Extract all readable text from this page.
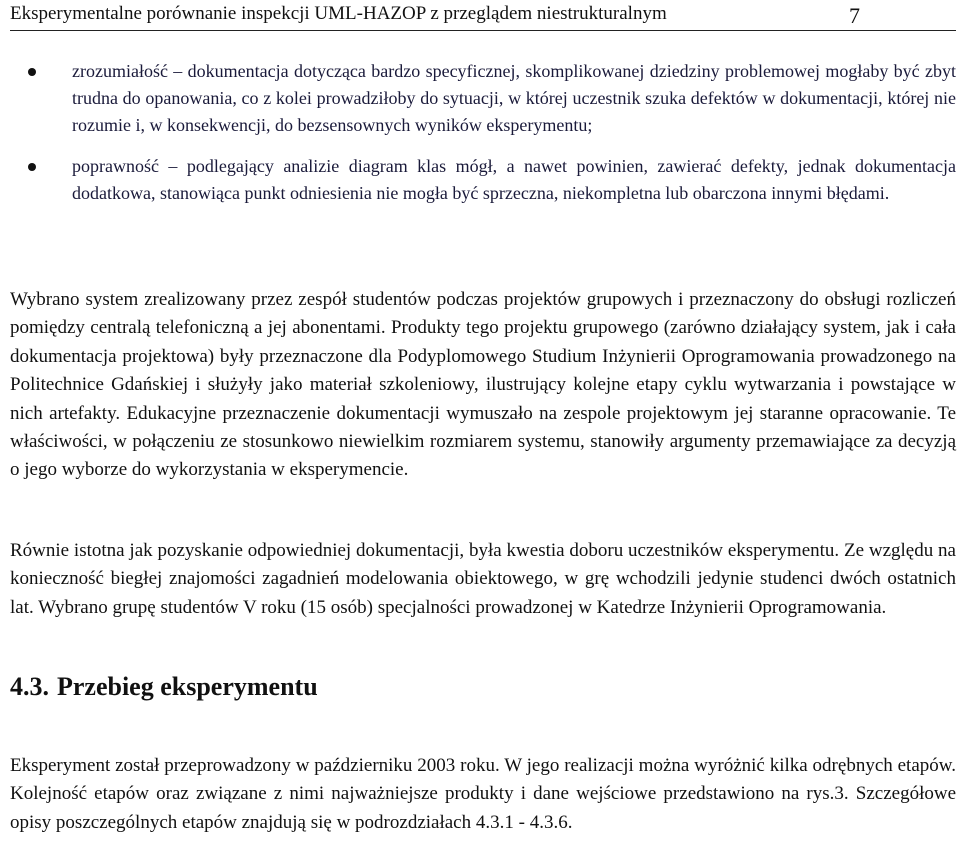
Eksperymentalne porównanie inspekcji UML-HAZOP z przeglądem niestrukturalnym	7
zrozumiałość – dokumentacja dotycząca bardzo specyficznej, skomplikowanej dziedziny problemowej mogłaby być zbyt trudna do opanowania, co z kolei prowadziłoby do sytuacji, w której uczestnik szuka defektów w dokumentacji, której nie rozumie i, w konsekwencji, do bezsensownych wyników eksperymentu;
poprawność – podlegający analizie diagram klas mógł, a nawet powinien, zawierać defekty, jednak dokumentacja dodatkowa, stanowiąca punkt odniesienia nie mogła być sprzeczna, niekompletna lub obarczona innymi błędami.

Wybrano system zrealizowany przez zespół studentów podczas projektów grupowych i przeznaczony do obsługi rozliczeń pomiędzy centralą telefoniczną a jej abonentami. Produkty tego projektu grupowego (zarówno działający system, jak i cała dokumentacja projektowa) były przeznaczone dla Podyplomowego Studium Inżynierii Oprogramowania prowadzonego na Politechnice Gdańskiej i służyły jako materiał szkoleniowy, ilustrujący kolejne etapy cyklu wytwarzania i powstające w nich artefakty. Edukacyjne przeznaczenie dokumentacji wymuszało na zespole projektowym jej staranne opracowanie. Te właściwości, w połączeniu ze stosunkowo niewielkim rozmiarem systemu, stanowiły argumenty przemawiające za decyzją o jego wyborze do wykorzystania w eksperymencie.

Równie istotna jak pozyskanie odpowiedniej dokumentacji, była kwestia doboru uczestników eksperymentu. Ze względu na konieczność biegłej znajomości zagadnień modelowania obiektowego, w grę wchodzili jedynie studenci dwóch ostatnich lat. Wybrano grupę studentów V roku (15 osób) specjalności prowadzonej w Katedrze Inżynierii Oprogramowania.

4.3. Przebieg eksperymentu

Eksperyment został przeprowadzony w październiku 2003 roku. W jego realizacji można wyróżnić kilka odrębnych etapów. Kolejność etapów oraz związane z nimi najważniejsze produkty i dane wejściowe przedstawiono na rys.3. Szczegółowe opisy poszczególnych etapów znajdują się w podrozdziałach 4.3.1 - 4.3.6.
